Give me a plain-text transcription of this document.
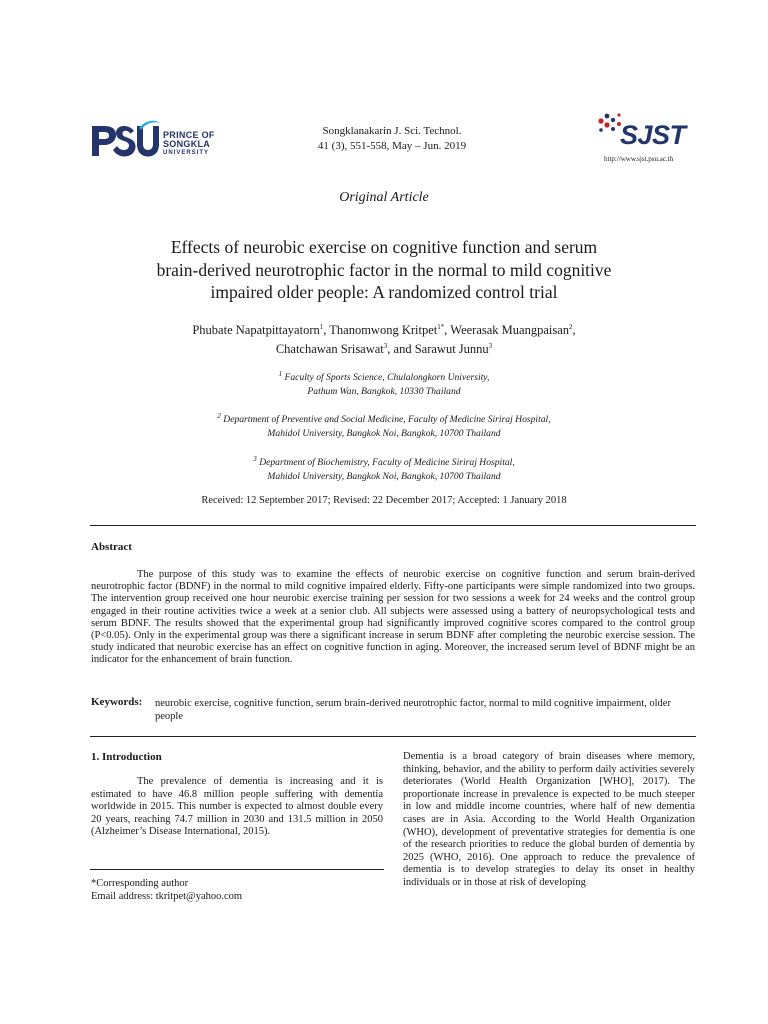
PRINCE OF
SONGKLA
UNIVERSITY
Songklanakarin J. Sci. Technol.
41 (3), 551-558, May – Jun. 2019	SJST
http://www.sjst.psu.ac.th
Original Article
Effects of neurobic exercise on cognitive function and serum
brain-derived neurotrophic factor in the normal to mild cognitive
impaired older people: A randomized control trial
Phubate Napatpittayatorn$^1$, Thanomwong Kritpet$^{1*}$, Weerasak Muangpaisan$^2$,
Chatchawan Srisawat$^3$, and Sarawut Junnu$^3$
$^1$ Faculty of Sports Science, Chulalongkorn University,
Pathum Wan, Bangkok, 10330 Thailand
$^2$ Department of Preventive and Social Medicine, Faculty of Medicine Siriraj Hospital,
Mahidol University, Bangkok Noi, Bangkok, 10700 Thailand
$^3$ Department of Biochemistry, Faculty of Medicine Siriraj Hospital,
Mahidol University, Bangkok Noi, Bangkok, 10700 Thailand
Received: 12 September 2017; Revised: 22 December 2017; Accepted: 1 January 2018
Abstract
The purpose of this study was to examine the effects of neurobic exercise on cognitive function and serum brain-derived neurotrophic factor (BDNF) in the normal to mild cognitive impaired elderly. Fifty-one participants were simple randomized into two groups. The intervention group received one hour neurobic exercise training per session for two sessions a week for 24 weeks and the control group engaged in their routine activities twice a week at a senior club. All subjects were assessed using a battery of neuropsychological tests and serum BDNF. The results showed that the experimental group had significantly improved cognitive scores compared to the control group (P<0.05). Only in the experimental group was there a significant increase in serum BDNF after completing the neurobic exercise session. The study indicated that neurobic exercise has an effect on cognitive function in aging. Moreover, the increased serum level of BDNF might be an indicator for the enhancement of brain function.
Keywords: neurobic exercise, cognitive function, serum brain-derived neurotrophic factor, normal to mild cognitive impairment, older people
1. Introduction
The prevalence of dementia is increasing and it is estimated to have 46.8 million people suffering with dementia worldwide in 2015. This number is expected to almost double every 20 years, reaching 74.7 million in 2030 and 131.5 million in 2050 (Alzheimer’s Disease International, 2015).
*Corresponding author
Email address: tkritpet@yahoo.com
Dementia is a broad category of brain diseases where memory, thinking, behavior, and the ability to perform daily activities severely deteriorates (World Health Organization [WHO], 2017). The proportionate increase in prevalence is expected to be much steeper in low and middle income countries, where half of new dementia cases are in Asia. According to the World Health Organization (WHO), development of preventative strategies for dementia is one of the research priorities to reduce the global burden of dementia by 2025 (WHO, 2016). One approach to reduce the prevalence of dementia is to develop strategies to delay its onset in healthy individuals or in those at risk of developing
